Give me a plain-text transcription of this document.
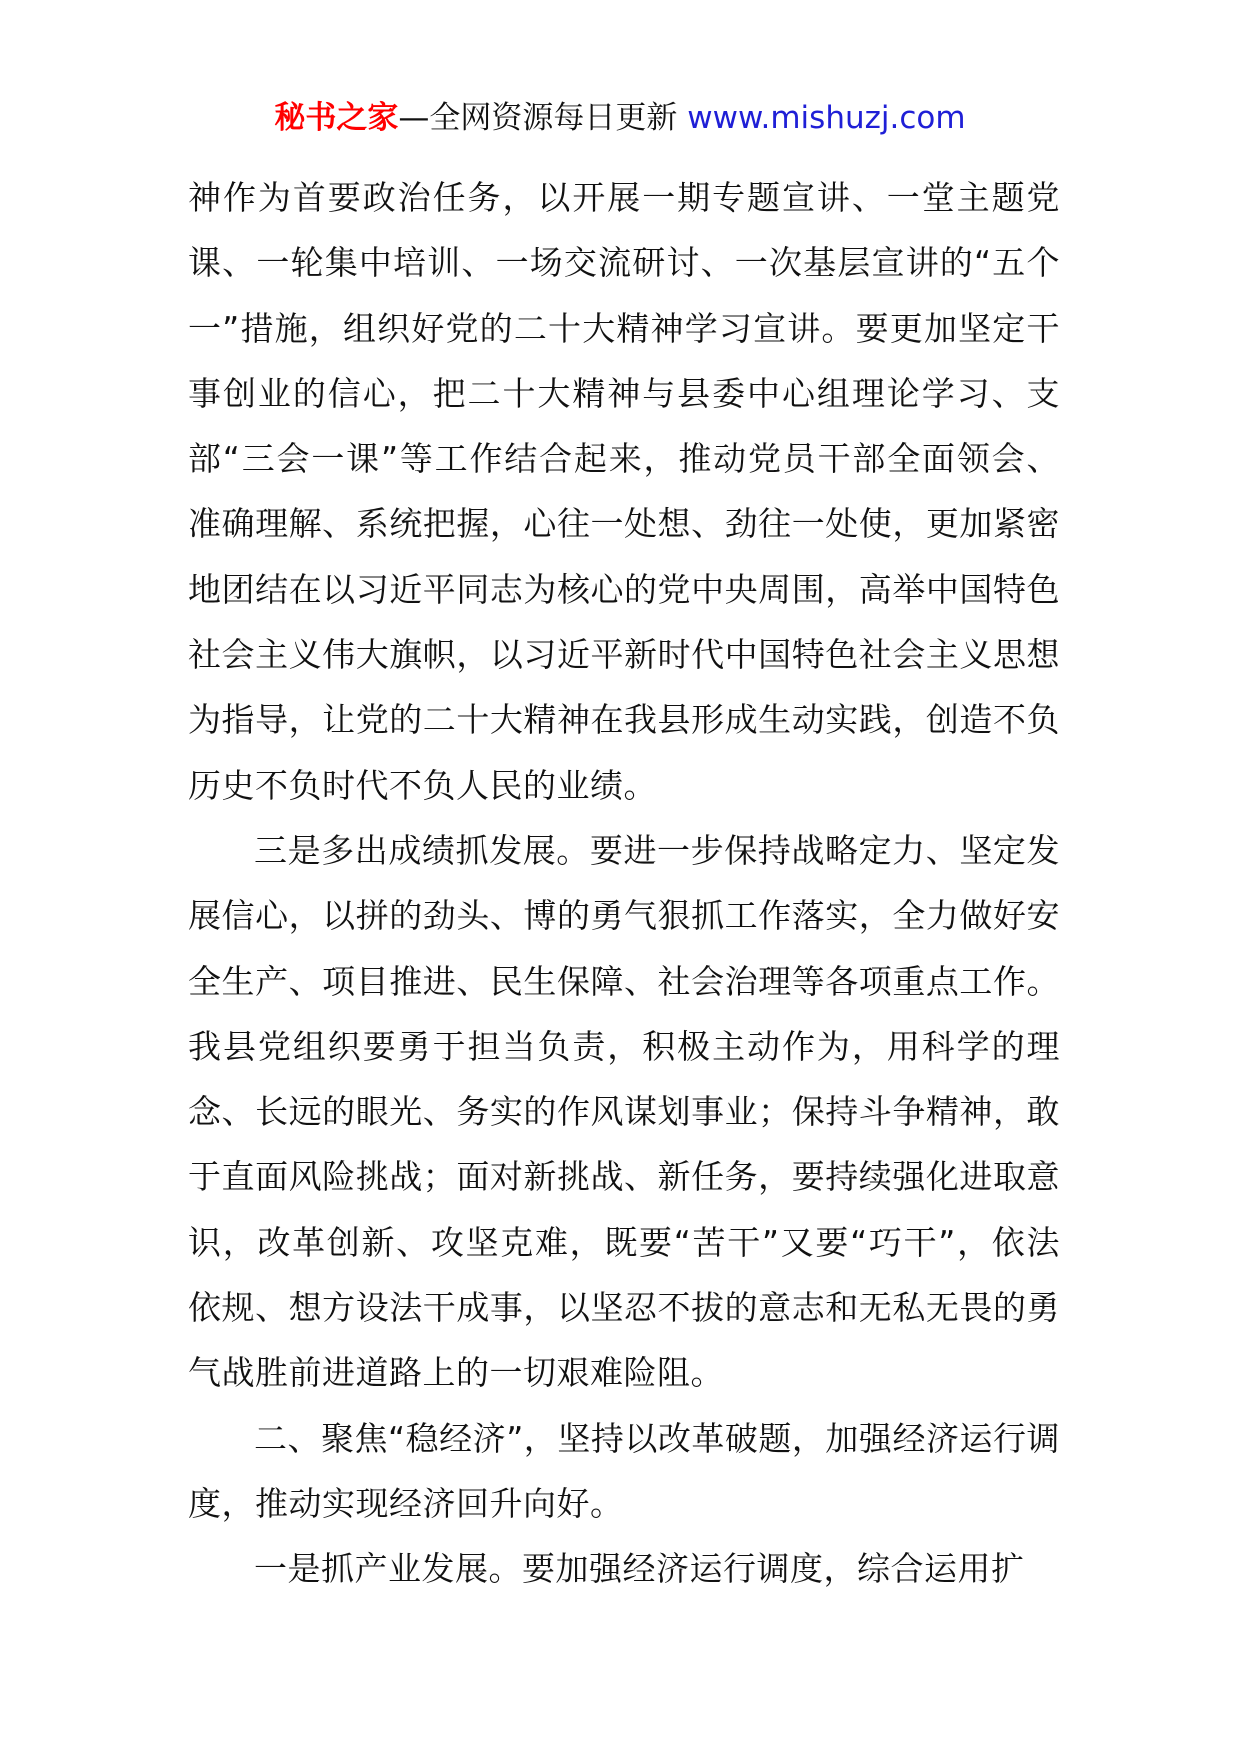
秘书之家—全网资源每日更新 www.mishuzj.com

神作为首要政治任务，以开展一期专题宣讲、一堂主题党课、一轮集中培训、一场交流研讨、一次基层宣讲的“五个一”措施，组织好党的二十大精神学习宣讲。要更加坚定干事创业的信心，把二十大精神与县委中心组理论学习、支部“三会一课”等工作结合起来，推动党员干部全面领会、准确理解、系统把握，心往一处想、劲往一处使，更加紧密地团结在以习近平同志为核心的党中央周围，高举中国特色社会主义伟大旗帜，以习近平新时代中国特色社会主义思想为指导，让党的二十大精神在我县形成生动实践，创造不负历史不负时代不负人民的业绩。

三是多出成绩抓发展。要进一步保持战略定力、坚定发展信心，以拼的劲头、博的勇气狠抓工作落实，全力做好安全生产、项目推进、民生保障、社会治理等各项重点工作。我县党组织要勇于担当负责，积极主动作为，用科学的理念、长远的眼光、务实的作风谋划事业；保持斗争精神，敢于直面风险挑战；面对新挑战、新任务，要持续强化进取意识，改革创新、攻坚克难，既要“苦干”又要“巧干”，依法依规、想方设法干成事，以坚忍不拔的意志和无私无畏的勇气战胜前进道路上的一切艰难险阻。

二、聚焦“稳经济”，坚持以改革破题，加强经济运行调度，推动实现经济回升向好。

一是抓产业发展。要加强经济运行调度，综合运用扩
